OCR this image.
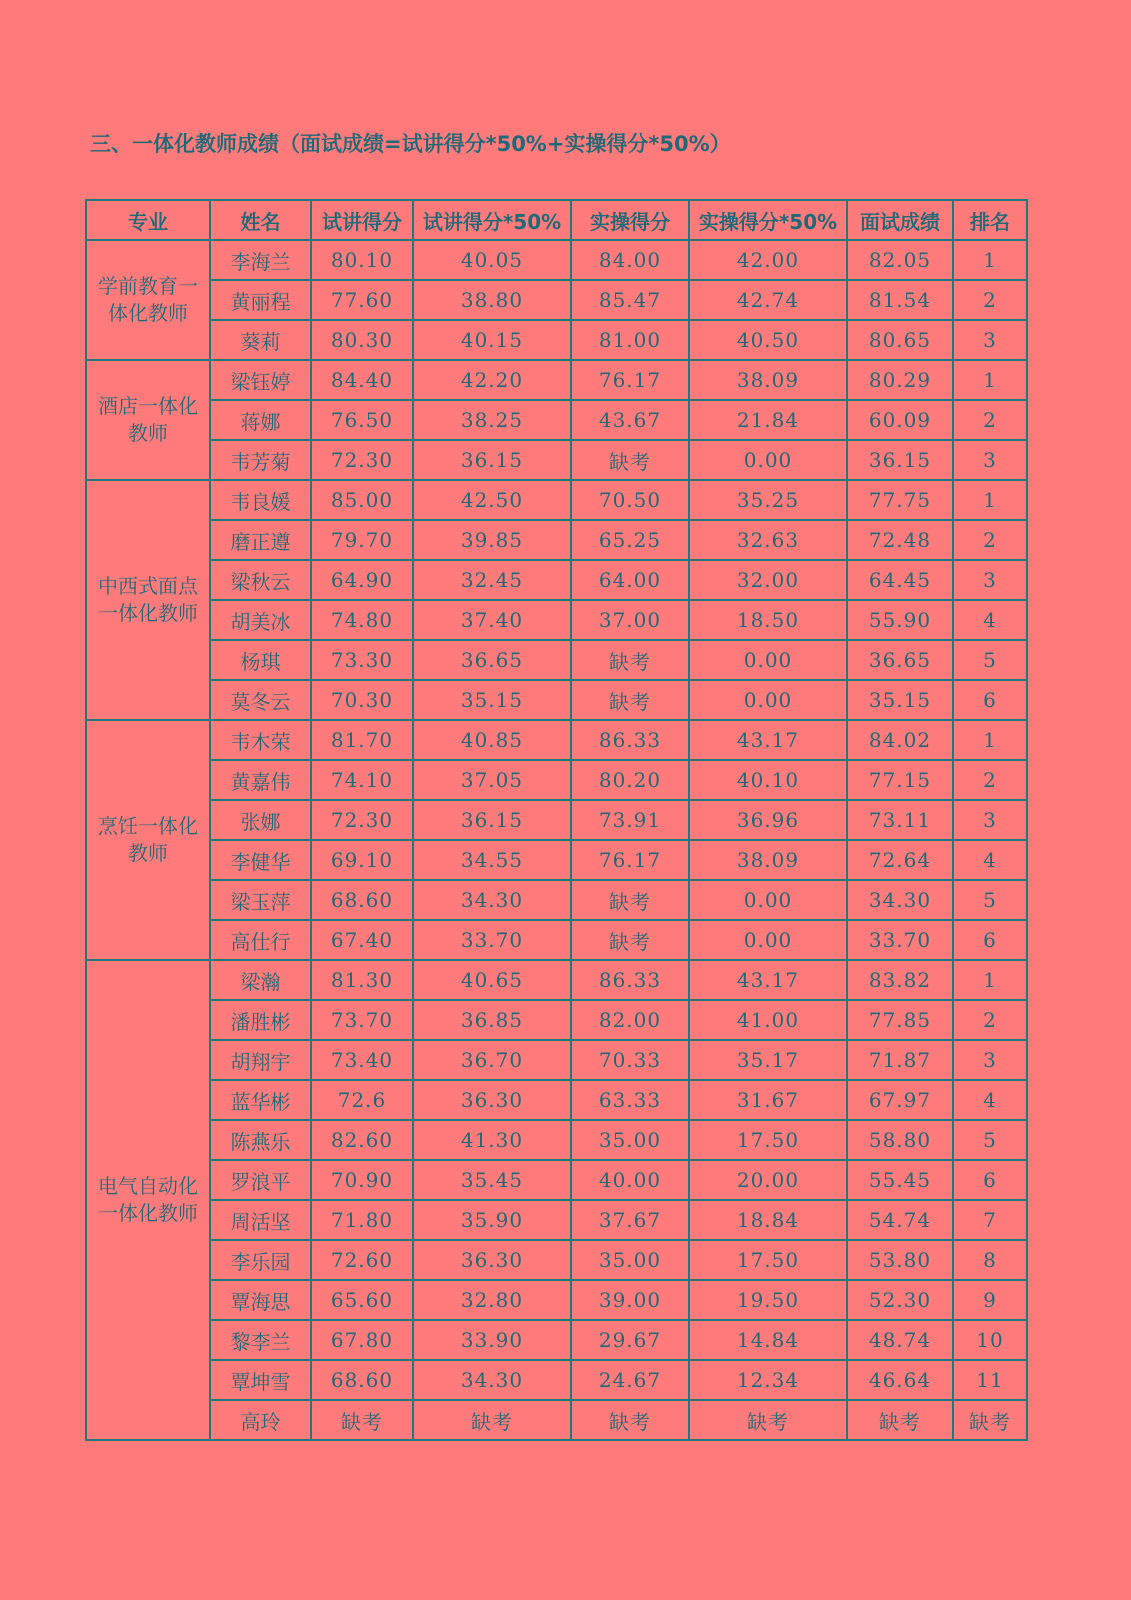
三、一体化教师成绩（面试成绩=试讲得分*50%+实操得分*50%）
专业	姓名	试讲得分	试讲得分*50%	实操得分	实操得分*50%	面试成绩	排名
学前教育一体化教师	李海兰	80.10	40.05	84.00	42.00	82.05	1
	黄丽程	77.60	38.80	85.47	42.74	81.54	2
	葵莉	80.30	40.15	81.00	40.50	80.65	3
酒店一体化教师	梁钰婷	84.40	42.20	76.17	38.09	80.29	1
	蒋娜	76.50	38.25	43.67	21.84	60.09	2
	韦芳菊	72.30	36.15	缺考	0.00	36.15	3
中西式面点一体化教师	韦良媛	85.00	42.50	70.50	35.25	77.75	1
	磨正遵	79.70	39.85	65.25	32.63	72.48	2
	梁秋云	64.90	32.45	64.00	32.00	64.45	3
	胡美冰	74.80	37.40	37.00	18.50	55.90	4
	杨琪	73.30	36.65	缺考	0.00	36.65	5
	莫冬云	70.30	35.15	缺考	0.00	35.15	6
烹饪一体化教师	韦木荣	81.70	40.85	86.33	43.17	84.02	1
	黄嘉伟	74.10	37.05	80.20	40.10	77.15	2
	张娜	72.30	36.15	73.91	36.96	73.11	3
	李健华	69.10	34.55	76.17	38.09	72.64	4
	梁玉萍	68.60	34.30	缺考	0.00	34.30	5
	高仕行	67.40	33.70	缺考	0.00	33.70	6
电气自动化一体化教师	梁瀚	81.30	40.65	86.33	43.17	83.82	1
	潘胜彬	73.70	36.85	82.00	41.00	77.85	2
	胡翔宇	73.40	36.70	70.33	35.17	71.87	3
	蓝华彬	72.6	36.30	63.33	31.67	67.97	4
	陈燕乐	82.60	41.30	35.00	17.50	58.80	5
	罗浪平	70.90	35.45	40.00	20.00	55.45	6
	周活坚	71.80	35.90	37.67	18.84	54.74	7
	李乐园	72.60	36.30	35.00	17.50	53.80	8
	覃海思	65.60	32.80	39.00	19.50	52.30	9
	黎李兰	67.80	33.90	29.67	14.84	48.74	10
	覃坤雪	68.60	34.30	24.67	12.34	46.64	11
	高玲	缺考	缺考	缺考	缺考	缺考	缺考
